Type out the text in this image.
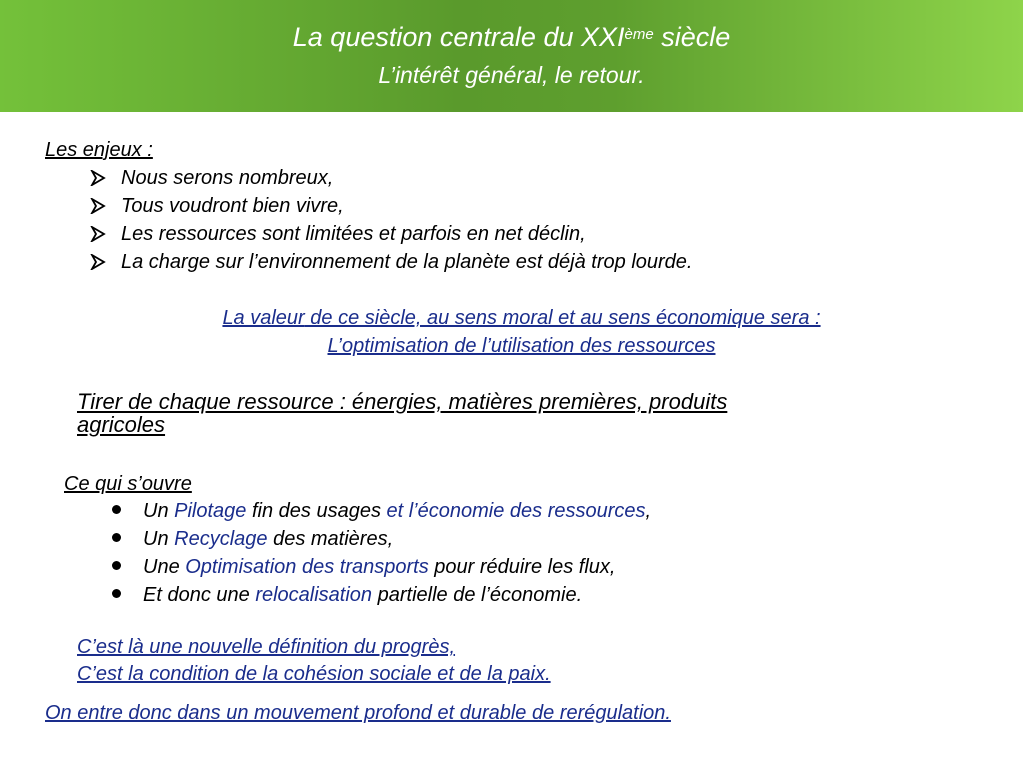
La question centrale du XXIème siècle
L’intérêt général, le retour.
Les enjeux :
Nous serons nombreux,
Tous voudront bien vivre,
Les ressources sont limitées et parfois en net déclin,
La charge sur l’environnement de la planète est déjà trop lourde.
La valeur de ce siècle, au sens moral et au sens économique sera :
L’optimisation de l’utilisation des ressources
Tirer de chaque ressource : énergies, matières premières, produits
agricoles
Ce qui s’ouvre
Un Pilotage fin des usages et l’économie des ressources,
Un Recyclage des matières,
Une Optimisation des transports pour réduire les flux,
Et donc une relocalisation partielle de l’économie.
C’est là une nouvelle définition du progrès,
C’est la condition de la cohésion sociale et de la paix.
On entre donc dans un mouvement profond et durable de rerégulation.
